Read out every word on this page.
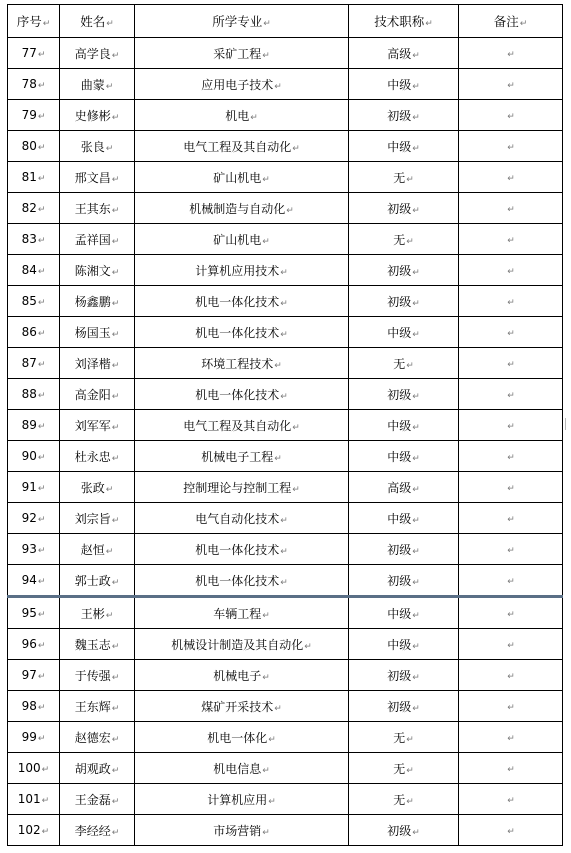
序号↵	姓名↵	所学专业↵	技术职称↵	备注↵
77↵	高学良↵	采矿工程↵	高级↵	↵
78↵	曲蒙↵	应用电子技术↵	中级↵	↵
79↵	史修彬↵	机电↵	初级↵	↵
80↵	张良↵	电气工程及其自动化↵	中级↵	↵
81↵	邢文昌↵	矿山机电↵	无↵	↵
82↵	王其东↵	机械制造与自动化↵	初级↵	↵
83↵	孟祥国↵	矿山机电↵	无↵	↵
84↵	陈湘文↵	计算机应用技术↵	初级↵	↵
85↵	杨鑫鹏↵	机电一体化技术↵	初级↵	↵
86↵	杨国玉↵	机电一体化技术↵	中级↵	↵
87↵	刘泽楷↵	环境工程技术↵	无↵	↵
88↵	高金阳↵	机电一体化技术↵	初级↵	↵
89↵	刘军军↵	电气工程及其自动化↵	中级↵	↵
90↵	杜永忠↵	机械电子工程↵	中级↵	↵
91↵	张政↵	控制理论与控制工程↵	高级↵	↵
92↵	刘宗旨↵	电气自动化技术↵	中级↵	↵
93↵	赵恒↵	机电一体化技术↵	初级↵	↵
94↵	郭士政↵	机电一体化技术↵	初级↵	↵
95↵	王彬↵	车辆工程↵	中级↵	↵
96↵	魏玉志↵	机械设计制造及其自动化↵	中级↵	↵
97↵	于传强↵	机械电子↵	初级↵	↵
98↵	王东辉↵	煤矿开采技术↵	初级↵	↵
99↵	赵德宏↵	机电一体化↵	无↵	↵
100↵	胡观政↵	机电信息↵	无↵	↵
101↵	王金磊↵	计算机应用↵	无↵	↵
102↵	李经经↵	市场营销↵	初级↵	↵
